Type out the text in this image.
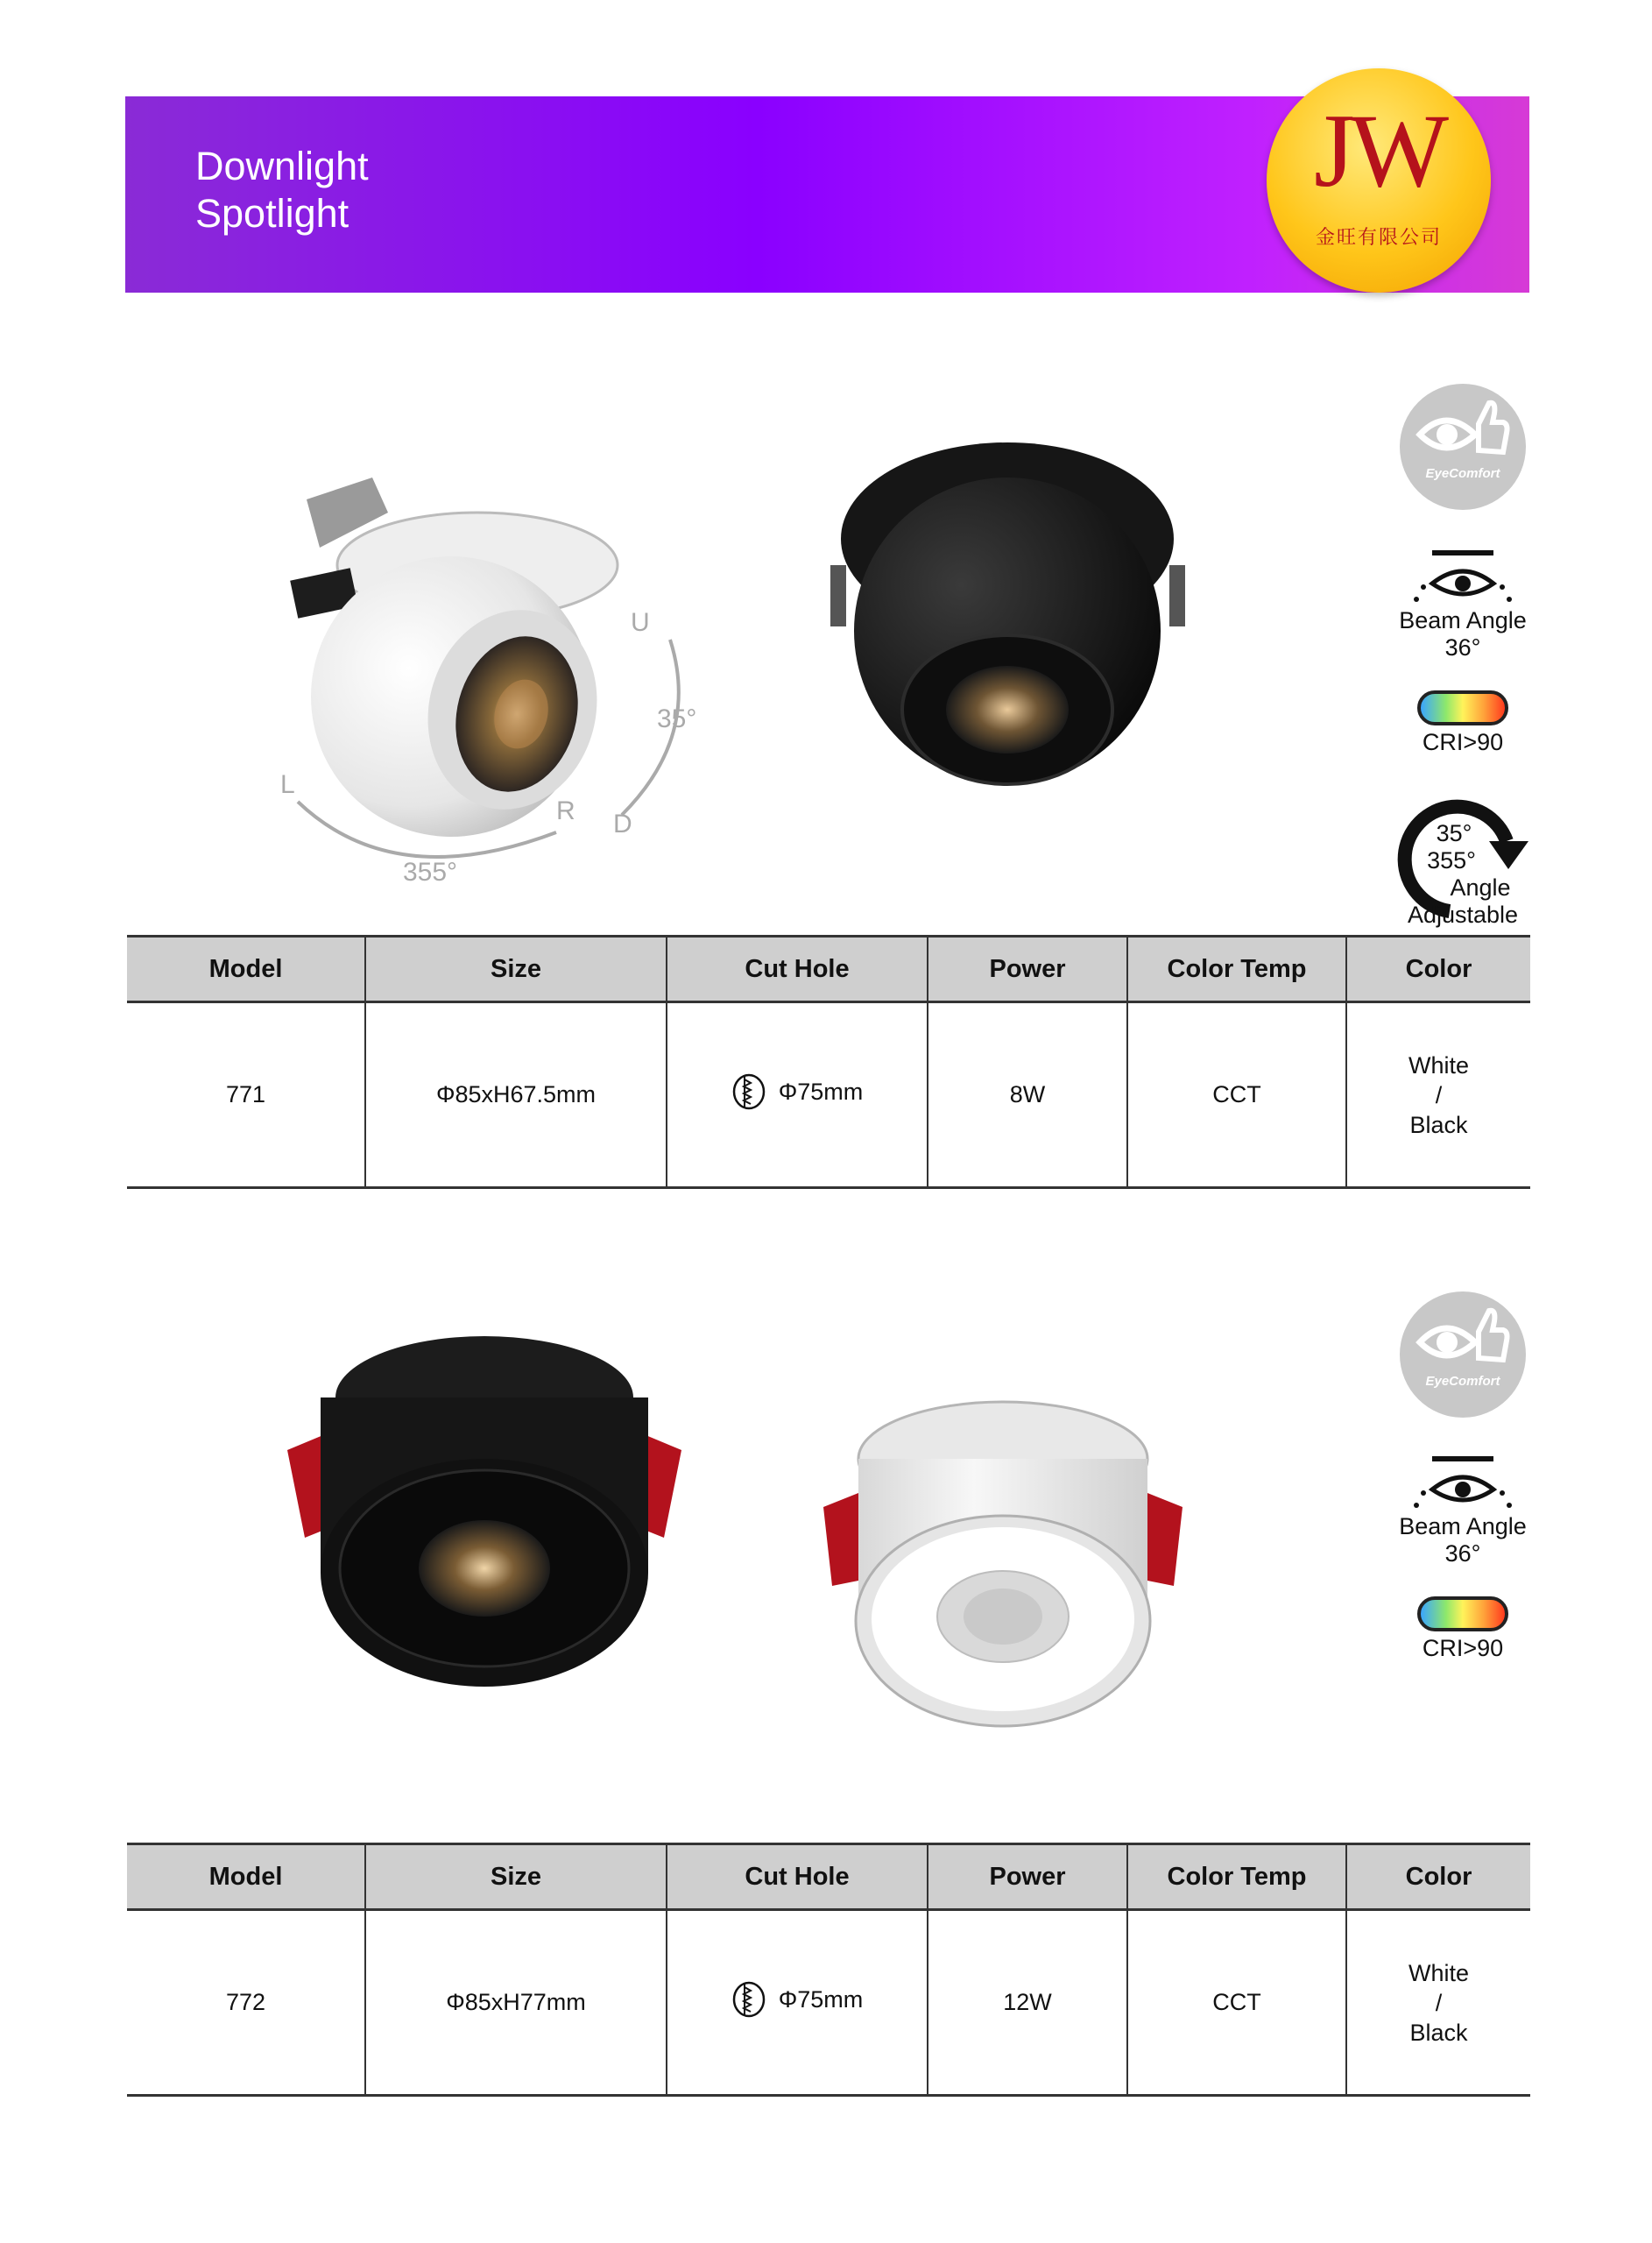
Downlight
Spotlight
JW
金旺有限公司
U
35°
D
L
R
355°
EyeComfort
Beam Angle
36°
CRI>90
35°
355°
Angle
Adjustable
Model	Size	Cut Hole	Power	Color Temp	Color
771	Φ85xH67.5mm	Φ75mm	8W	CCT	White
/
Black
EyeComfort
Beam Angle
36°
CRI>90
Model	Size	Cut Hole	Power	Color Temp	Color
772	Φ85xH77mm	Φ75mm	12W	CCT	White
/
Black
